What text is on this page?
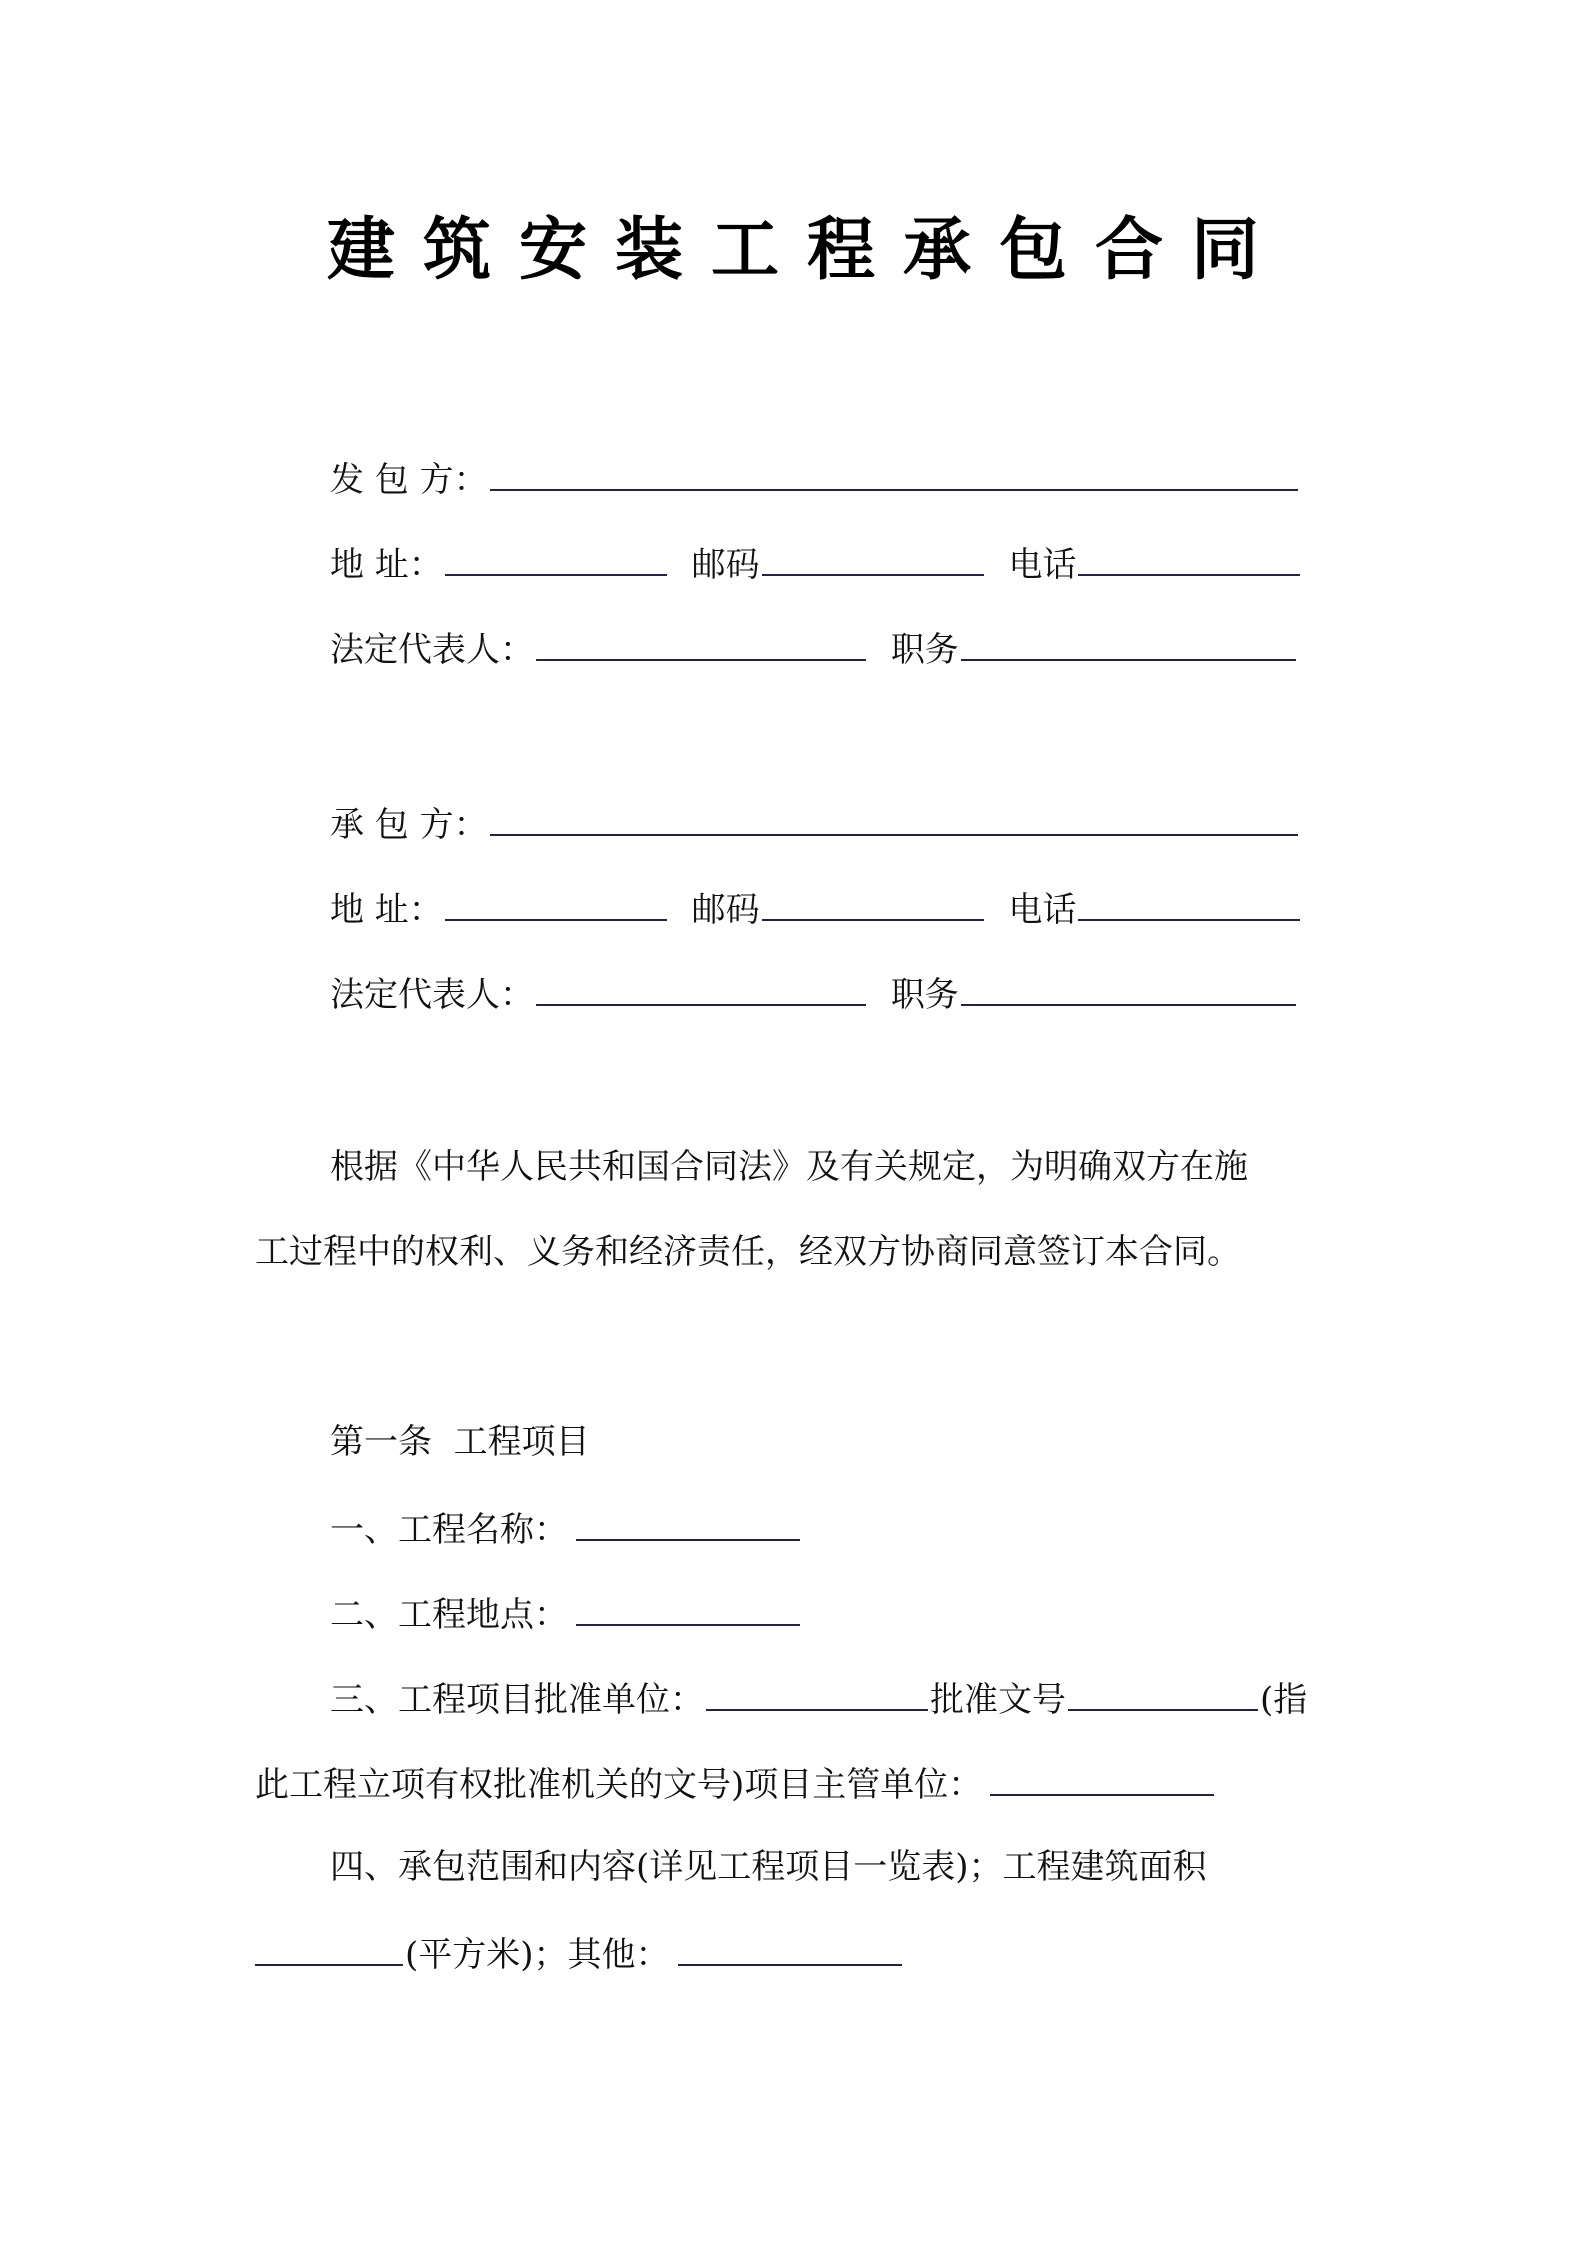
建筑安装工程承包合同
发 包 方：
地 址：	邮码	电话
法定代表人：	职务
承 包 方：
地 址：	邮码	电话
法定代表人：	职务
根据《中华人民共和国合同法》及有关规定，为明确双方在施
工过程中的权利、义务和经济责任，经双方协商同意签订本合同。
第一条  工程项目
一、工程名称：
二、工程地点：
三、工程项目批准单位：	批准文号	(指
此工程立项有权批准机关的文号)项目主管单位：
四、承包范围和内容(详见工程项目一览表)；工程建筑面积
(平方米)；其他：
